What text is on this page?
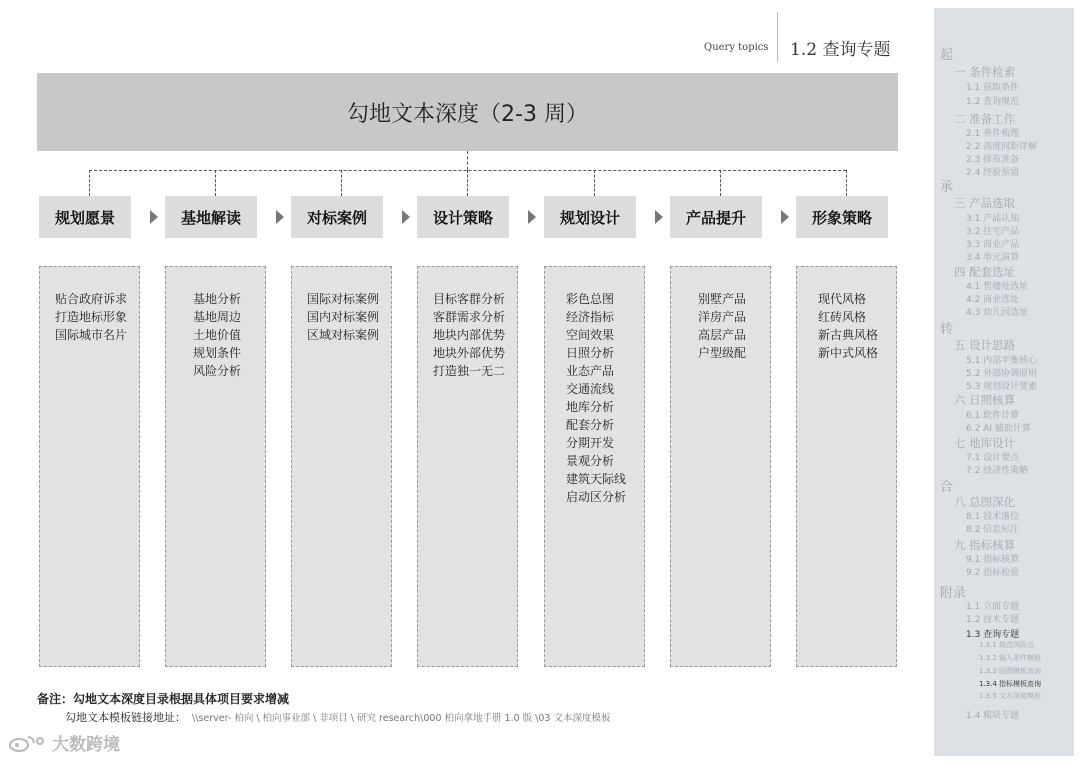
Query topics 1.2 查询专题
勾地文本深度（2-3 周）
规划愿景
贴合政府诉求
打造地标形象
国际城市名片
基地解读
基地分析
基地周边
土地价值
规划条件
风险分析
对标案例
国际对标案例
国内对标案例
区域对标案例
设计策略
目标客群分析
客群需求分析
地块内部优势
地块外部优势
打造独一无二
规划设计
彩色总图
经济指标
空间效果
日照分析
业态产品
交通流线
地库分析
配套分析
分期开发
景观分析
建筑天际线
启动区分析
产品提升
别墅产品
洋房产品
高层产品
户型级配
形象策略
现代风格
红砖风格
新古典风格
新中式风格
备注：勾地文本深度目录根据具体项目要求增减
勾地文本模板链接地址： \\server- 柏向 \ 柏向事业部 \ 非项目 \ 研究 research\000 柏向拿地手册 1.0 版 \03 文本深度模板
大数跨境
起
一 条件检索
1.1 获取条件
1.2 查询规范
二 准备工作
2.1 条件梳理
2.2 高度间距详解
2.3 排布准备
2.4 经验预留
承
三 产品选取
3.1 产品认知
3.2 住宅产品
3.3 商业产品
3.4 单元演算
四 配套选址
4.1 售楼处选址
4.2 商业选址
4.3 幼儿园选址
转
五 设计思路
5.1 内部平衡核心
5.2 外部协调原则
5.3 规划设计要素
六 日照核算
6.1 软件计算
6.2 AI 辅助计算
七 地库设计
7.1 设计要点
7.2 经济性策略
合
八 总图深化
8.1 技术落位
8.2 信息标注
九 指标核算
9.1 指标核算
9.2 指标检验
附录
1.1 立面专题
1.2 技术专题
1.3 查询专题
1.3.1 规范风险点
1.3.2 输入条件模板
1.3.3 回图模板查询
1.3.4 指标模板查询
1.3.5 文本深度模板
1.4 模块专题
